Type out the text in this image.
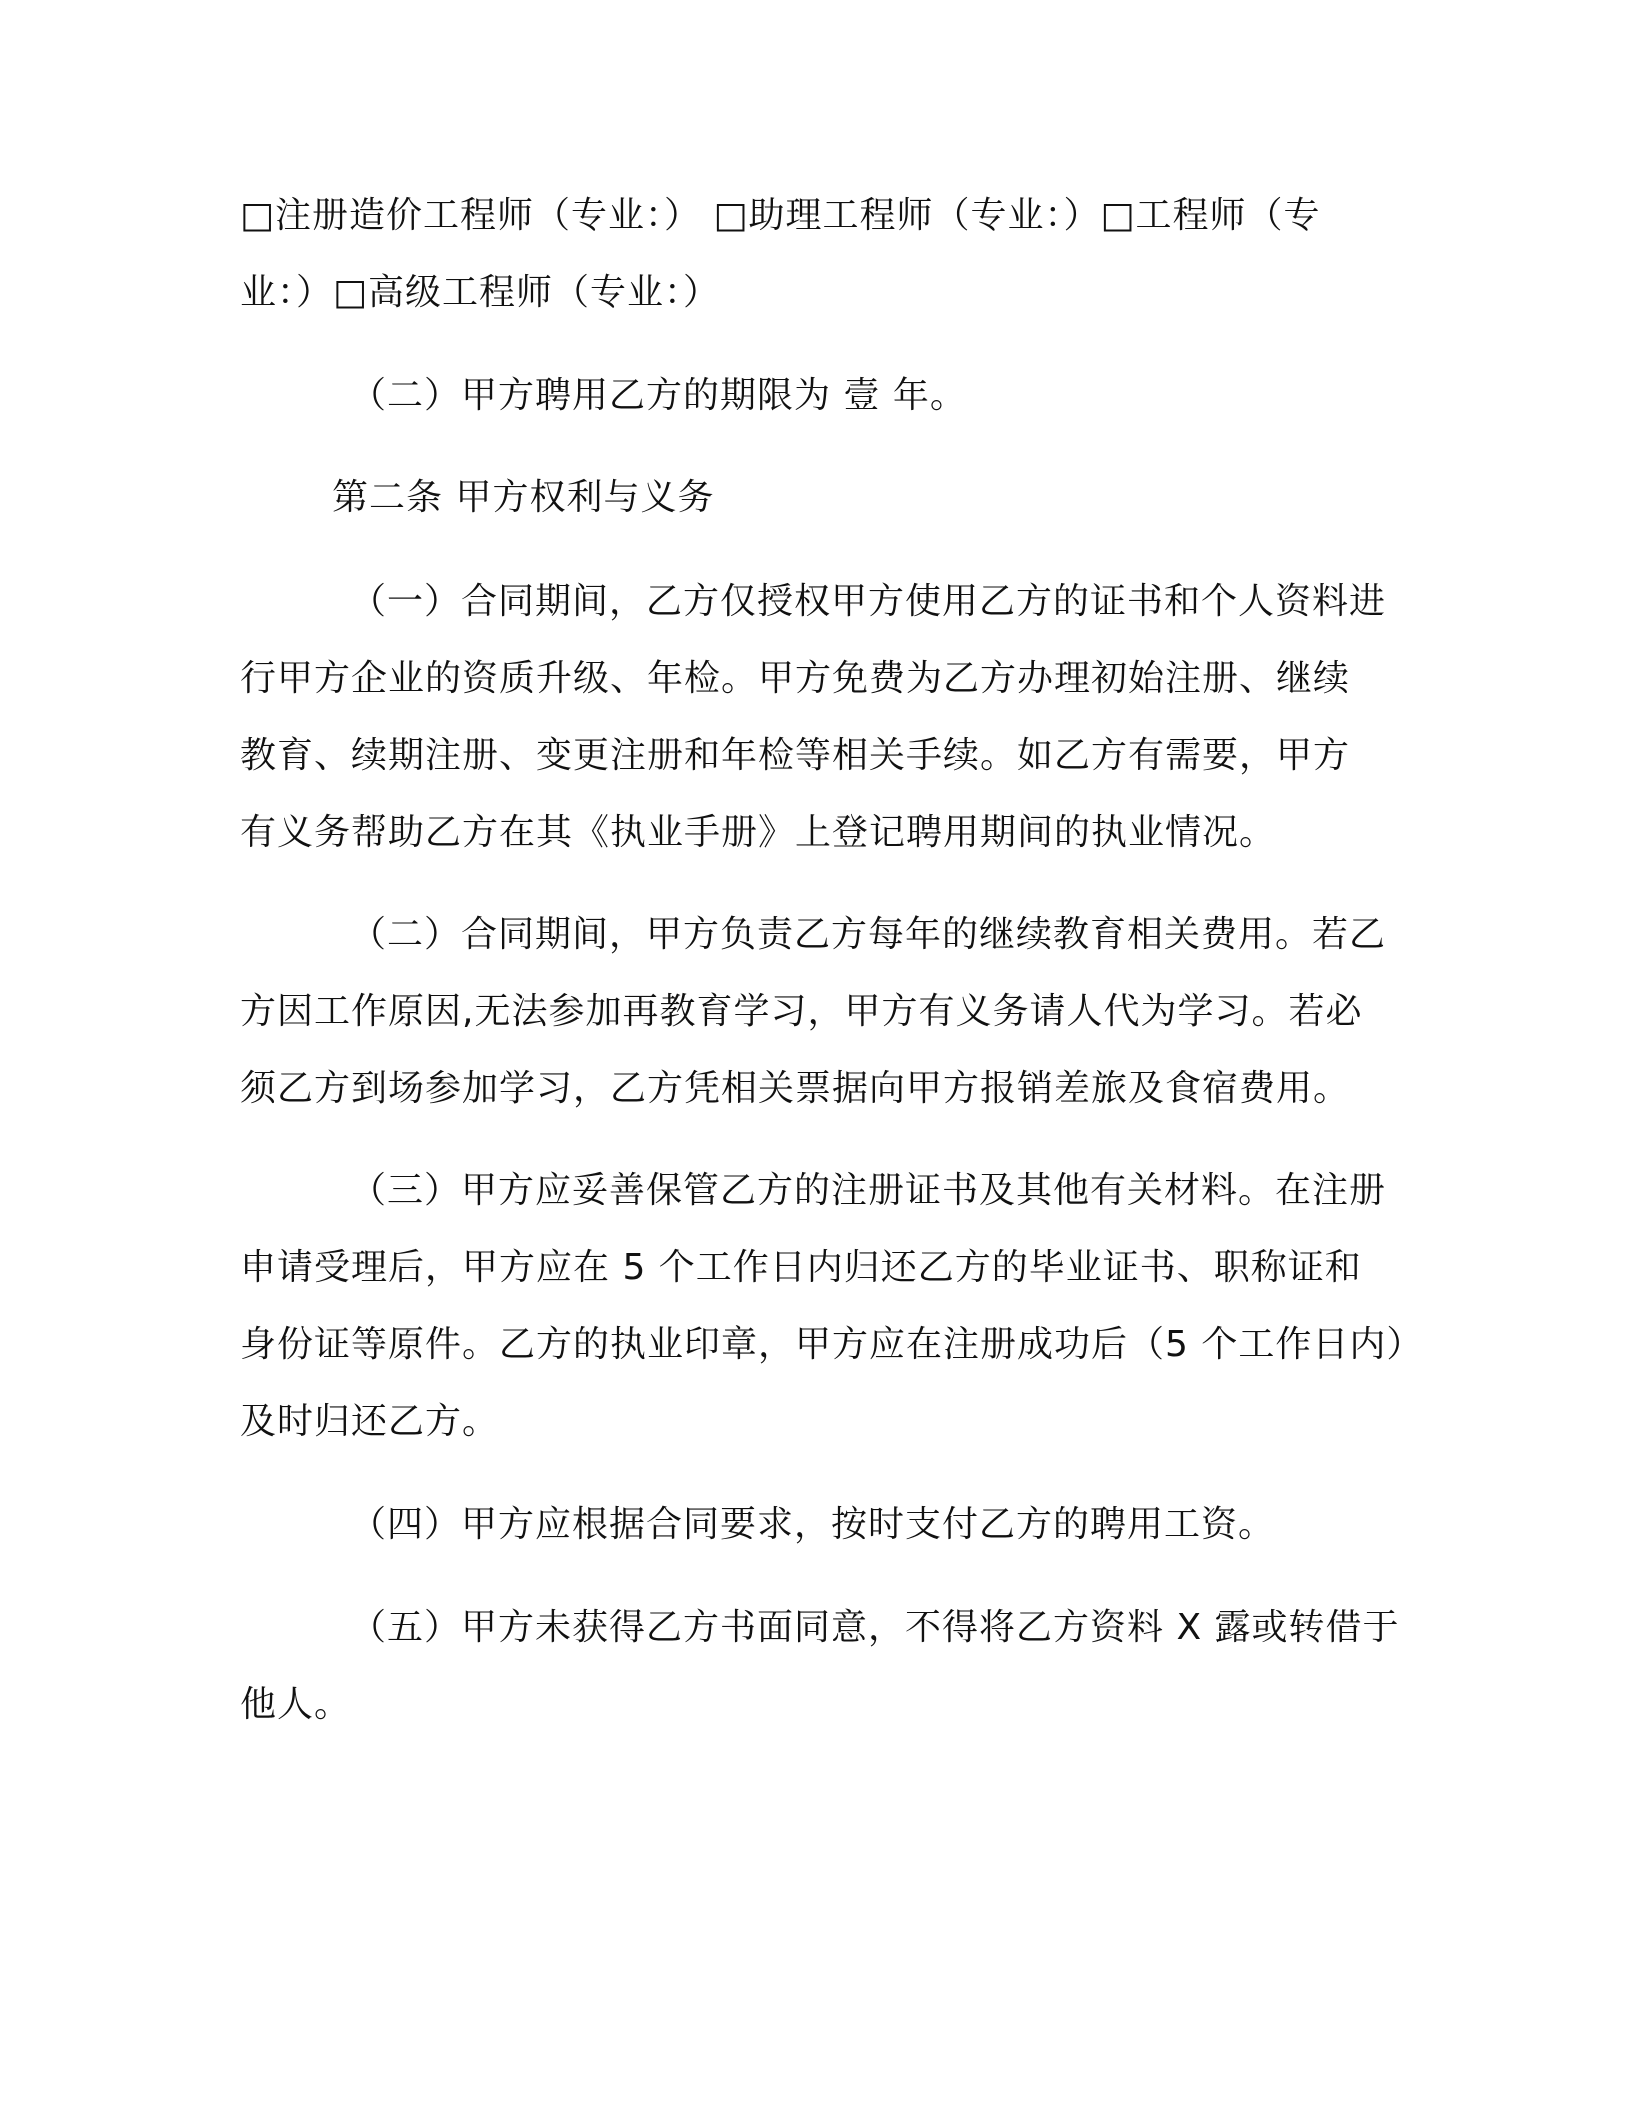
□注册造价工程师（专业：） □助理工程师（专业：）□工程师（专
业：）□高级工程师（专业：）
（二）甲方聘用乙方的期限为 壹 年。
第二条 甲方权利与义务
（一）合同期间，乙方仅授权甲方使用乙方的证书和个人资料进
行甲方企业的资质升级、年检。甲方免费为乙方办理初始注册、继续
教育、续期注册、变更注册和年检等相关手续。如乙方有需要，甲方
有义务帮助乙方在其《执业手册》上登记聘用期间的执业情况。
（二）合同期间，甲方负责乙方每年的继续教育相关费用。若乙
方因工作原因,无法参加再教育学习，甲方有义务请人代为学习。若必
须乙方到场参加学习，乙方凭相关票据向甲方报销差旅及食宿费用。
（三）甲方应妥善保管乙方的注册证书及其他有关材料。在注册
申请受理后，甲方应在 5 个工作日内归还乙方的毕业证书、职称证和
身份证等原件。乙方的执业印章，甲方应在注册成功后（5 个工作日内）
及时归还乙方。
（四）甲方应根据合同要求，按时支付乙方的聘用工资。
（五）甲方未获得乙方书面同意，不得将乙方资料 X 露或转借于
他人。
